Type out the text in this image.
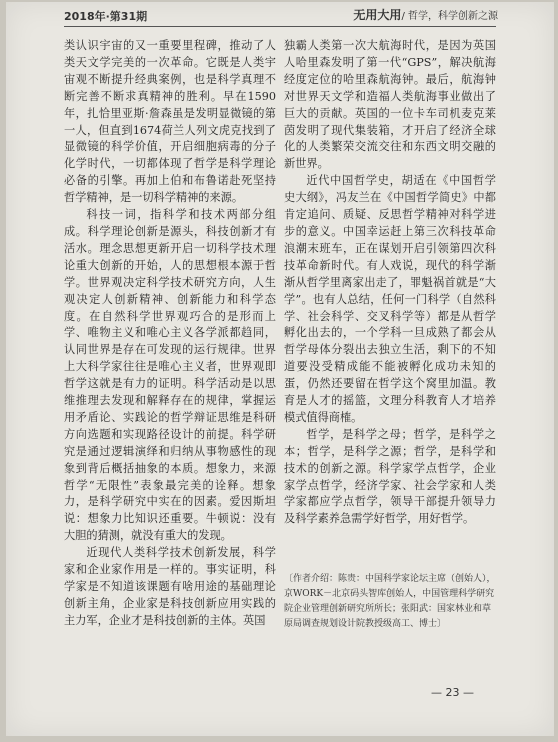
2018年·第31期	无用大用/ 哲学，科学创新之源

类认识宇宙的又一重要里程碑，推动了人类天文学完美的一次革命。它既是人类宇宙观不断提升经典案例，也是科学真理不断完善不断求真精神的胜利。早在1590年，扎恰里亚斯·詹森虽是发明显微镜的第一人，但直到1674荷兰人列文虎克找到了显微镜的科学价值，开启细胞病毒的分子化学时代，一切都体现了哲学是科学理论必备的引擎。再加上伯和布鲁诺赴死坚持哲学精神，是一切科学精神的来源。

科技一词，指科学和技术两部分组成。科学理论创新是源头，科技创新才有活水。理念思想更新开启一切科学技术理论重大创新的开始，人的思想根本源于哲学。世界观决定科学技术研究方向，人生观决定人创新精神、创新能力和科学态度。在自然科学世界观巧合的是形而上学、唯物主义和唯心主义各学派都趋同，认同世界是存在可发现的运行规律。世界上大科学家往往是唯心主义者，世界观即哲学这就是有力的证明。科学活动是以思维推理去发现和解释存在的规律，掌握运用矛盾论、实践论的哲学辩证思维是科研方向选题和实现路径设计的前提。科学研究是通过逻辑演绎和归纳从事物感性的现象到背后概括抽象的本质。想象力，来源哲学“无限性”表象最完美的诠释。想象力，是科学研究中实在的因素。爱因斯坦说：想象力比知识还重要。牛顿说：没有大胆的猜测，就没有重大的发现。

近现代人类科学技术创新发展，科学家和企业家作用是一样的。事实证明，科学家是不知道该课题有啥用途的基础理论创新主角，企业家是科技创新应用实践的主力军，企业才是科技创新的主体。英国

独霸人类第一次大航海时代，是因为英国人哈里森发明了第一代“GPS”，解决航海经度定位的哈里森航海钟。最后，航海钟对世界天文学和造福人类航海事业做出了巨大的贡献。英国的一位卡车司机麦克莱茵发明了现代集装箱，才开启了经济全球化的人类繁荣交流交往和东西文明交融的新世界。

近代中国哲学史，胡适在《中国哲学史大纲》，冯友兰在《中国哲学简史》中都肯定追问、质疑、反思哲学精神对科学进步的意义。中国幸运赶上第三次科技革命浪潮末班车，正在谋划开启引领第四次科技革命新时代。有人戏说，现代的科学渐渐从哲学里离家出走了，罪魁祸首就是“大学”。也有人总结，任何一门科学（自然科学、社会科学、交叉科学等）都是从哲学孵化出去的，一个学科一旦成熟了都会从哲学母体分裂出去独立生活，剩下的不知道要没受精成能不能被孵化成功未知的蛋，仍然还要留在哲学这个窝里加温。教育是人才的摇篮，文理分科教育人才培养模式值得商榷。

哲学，是科学之母；哲学，是科学之本；哲学，是科学之源；哲学，是科学和技术的创新之源。科学家学点哲学，企业家学点哲学，经济学家、社会学家和人类学家都应学点哲学，领导干部提升领导力及科学素养急需学好哲学，用好哲学。

〔作者介绍：陈贵：中国科学家论坛主席（创始人），京WORK－北京码头智库创始人，中国管理科学研究院企业管理创新研究所所长；张阳武：国家林业和草原局调查规划设计院教授级高工、博士〕

— 23 —
